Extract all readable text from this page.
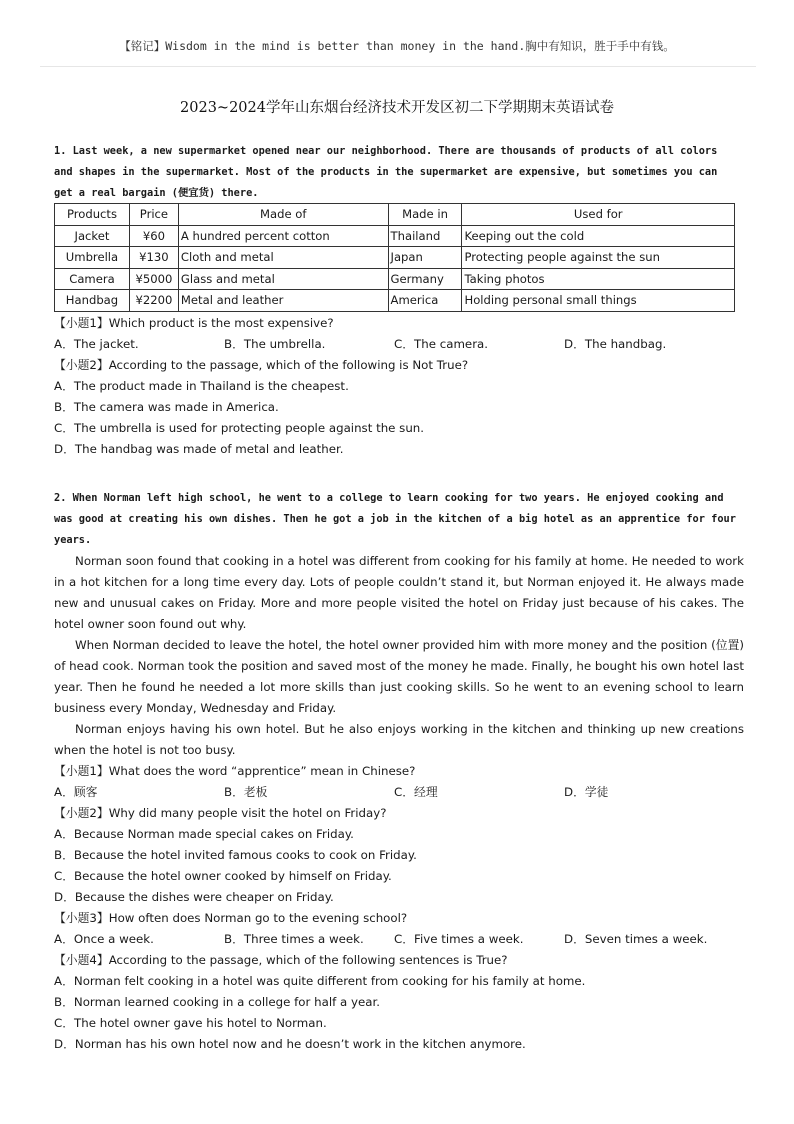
【铭记】Wisdom in the mind is better than money in the hand.胸中有知识，胜于手中有钱。
2023~2024学年山东烟台经济技术开发区初二下学期期末英语试卷
1. Last week, a new supermarket opened near our neighborhood. There are thousands of products of all colors and shapes in the supermarket. Most of the products in the supermarket are expensive, but sometimes you can get a real bargain (便宜货) there.
Products	Price	Made of	Made in	Used for
Jacket	¥60	A hundred percent cotton	Thailand	Keeping out the cold
Umbrella	¥130	Cloth and metal	Japan	Protecting people against the sun
Camera	¥5000	Glass and metal	Germany	Taking photos
Handbag	¥2200	Metal and leather	America	Holding personal small things
【小题1】Which product is the most expensive?
A．The jacket.	B．The umbrella.	C．The camera.	D．The handbag.
【小题2】According to the passage, which of the following is Not True?
A．The product made in Thailand is the cheapest.
B．The camera was made in America.
C．The umbrella is used for protecting people against the sun.
D．The handbag was made of metal and leather.
2. When Norman left high school, he went to a college to learn cooking for two years. He enjoyed cooking and was good at creating his own dishes. Then he got a job in the kitchen of a big hotel as an apprentice for four years.
Norman soon found that cooking in a hotel was different from cooking for his family at home. He needed to work in a hot kitchen for a long time every day. Lots of people couldn’t stand it, but Norman enjoyed it. He always made new and unusual cakes on Friday. More and more people visited the hotel on Friday just because of his cakes. The hotel owner soon found out why.
When Norman decided to leave the hotel, the hotel owner provided him with more money and the position (位置) of head cook. Norman took the position and saved most of the money he made. Finally, he bought his own hotel last year. Then he found he needed a lot more skills than just cooking skills. So he went to an evening school to learn business every Monday, Wednesday and Friday.
Norman enjoys having his own hotel. But he also enjoys working in the kitchen and thinking up new creations when the hotel is not too busy.
【小题1】What does the word “apprentice” mean in Chinese?
A．顾客	B．老板	C．经理	D．学徒
【小题2】Why did many people visit the hotel on Friday?
A．Because Norman made special cakes on Friday.
B．Because the hotel invited famous cooks to cook on Friday.
C．Because the hotel owner cooked by himself on Friday.
D．Because the dishes were cheaper on Friday.
【小题3】How often does Norman go to the evening school?
A．Once a week.	B．Three times a week.	C．Five times a week.	D．Seven times a week.
【小题4】According to the passage, which of the following sentences is True?
A．Norman felt cooking in a hotel was quite different from cooking for his family at home.
B．Norman learned cooking in a college for half a year.
C．The hotel owner gave his hotel to Norman.
D．Norman has his own hotel now and he doesn’t work in the kitchen anymore.
